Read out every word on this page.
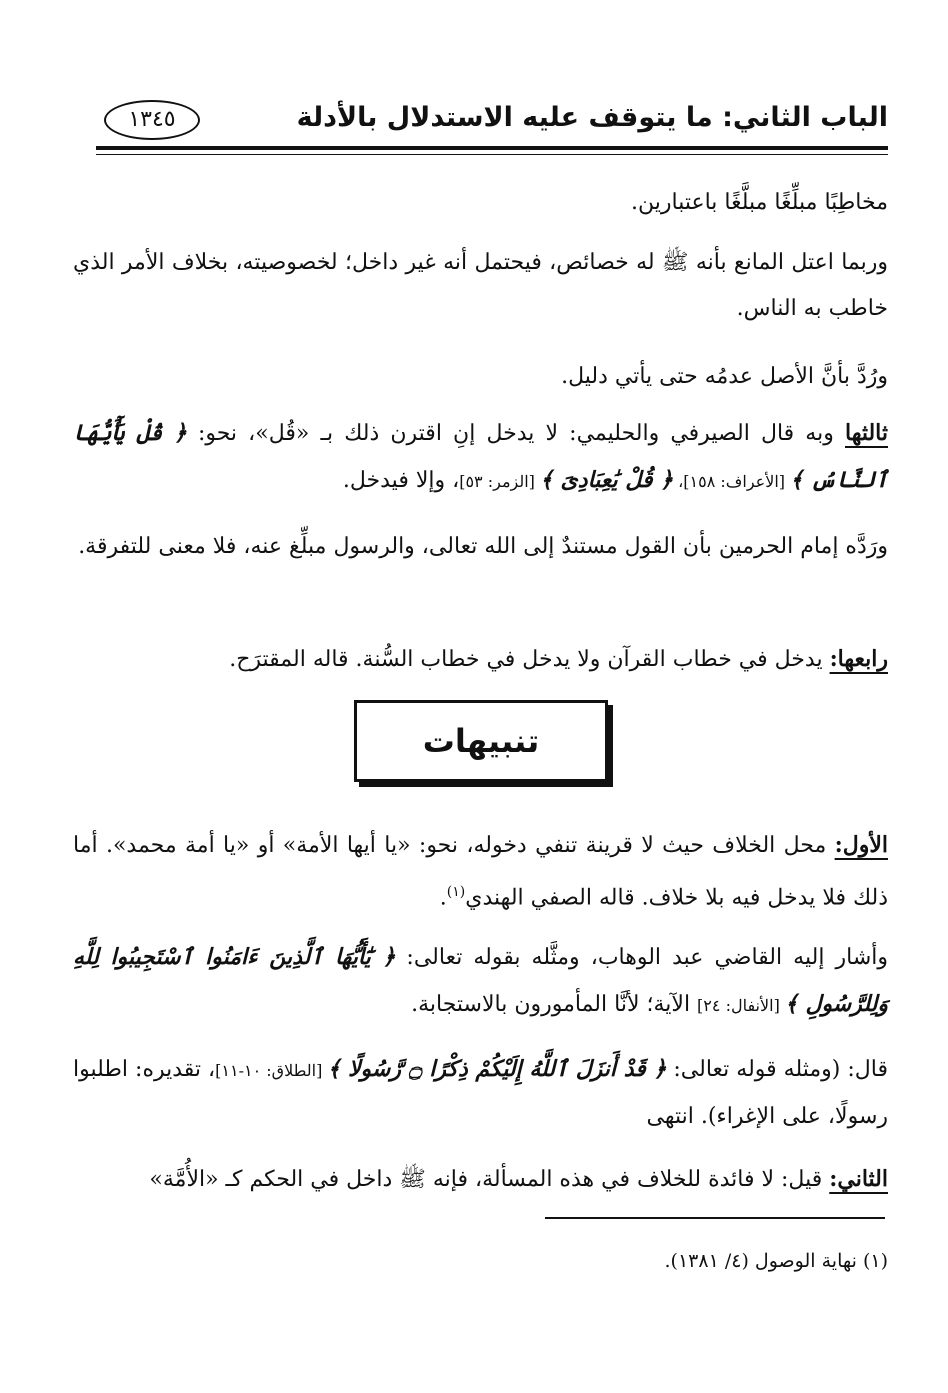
الباب الثاني: ما يتوقف عليه الاستدلال بالأدلة
١٣٤٥
مخاطِبًا مبلِّغًا مبلَّغًا باعتبارين.
وربما اعتل المانع بأنه ﷺ له خصائص، فيحتمل أنه غير داخل؛ لخصوصيته، بخلاف الأمر الذي خاطب به الناس.
ورُدَّ بأنَّ الأصل عدمُه حتى يأتي دليل.
ثالثها وبه قال الصيرفي والحليمي: لا يدخل إنِ اقترن ذلك بـ «قُل»، نحو: ﴿ قُلْ يَٰٓأَيُّهَا ٱلنَّاسُ ﴾ [الأعراف: ١٥٨]، ﴿ قُلْ يَٰعِبَادِىَ ﴾ [الزمر: ٥٣]، وإلا فيدخل.
ورَدَّه إمام الحرمين بأن القول مستندٌ إلى الله تعالى، والرسول مبلِّغ عنه، فلا معنى للتفرقة.
رابعها: يدخل في خطاب القرآن ولا يدخل في خطاب السُّنة. قاله المقترَح.
تنبيهات
الأول: محل الخلاف حيث لا قرينة تنفي دخوله، نحو: «يا أيها الأمة» أو «يا أمة محمد». أما ذلك فلا يدخل فيه بلا خلاف. قاله الصفي الهندي$^{(١)}$.
وأشار إليه القاضي عبد الوهاب، ومثَّله بقوله تعالى: ﴿ يَٰٓأَيُّهَا ٱلَّذِينَ ءَامَنُوا ٱسْتَجِيبُوا لِلَّهِ وَلِلرَّسُولِ ﴾ [الأنفال: ٢٤] الآية؛ لأنَّا المأمورون بالاستجابة.
قال: (ومثله قوله تعالى: ﴿ قَدْ أَنزَلَ ٱللَّهُ إِلَيْكُمْ ذِكْرًا ۝ رَّسُولًا ﴾ [الطلاق: ١٠-١١]، تقديره: اطلبوا رسولًا، على الإغراء). انتهى
الثاني: قيل: لا فائدة للخلاف في هذه المسألة، فإنه ﷺ داخل في الحكم كـ «الأُمَّة»
(١) نهاية الوصول (٤/ ١٣٨١).
